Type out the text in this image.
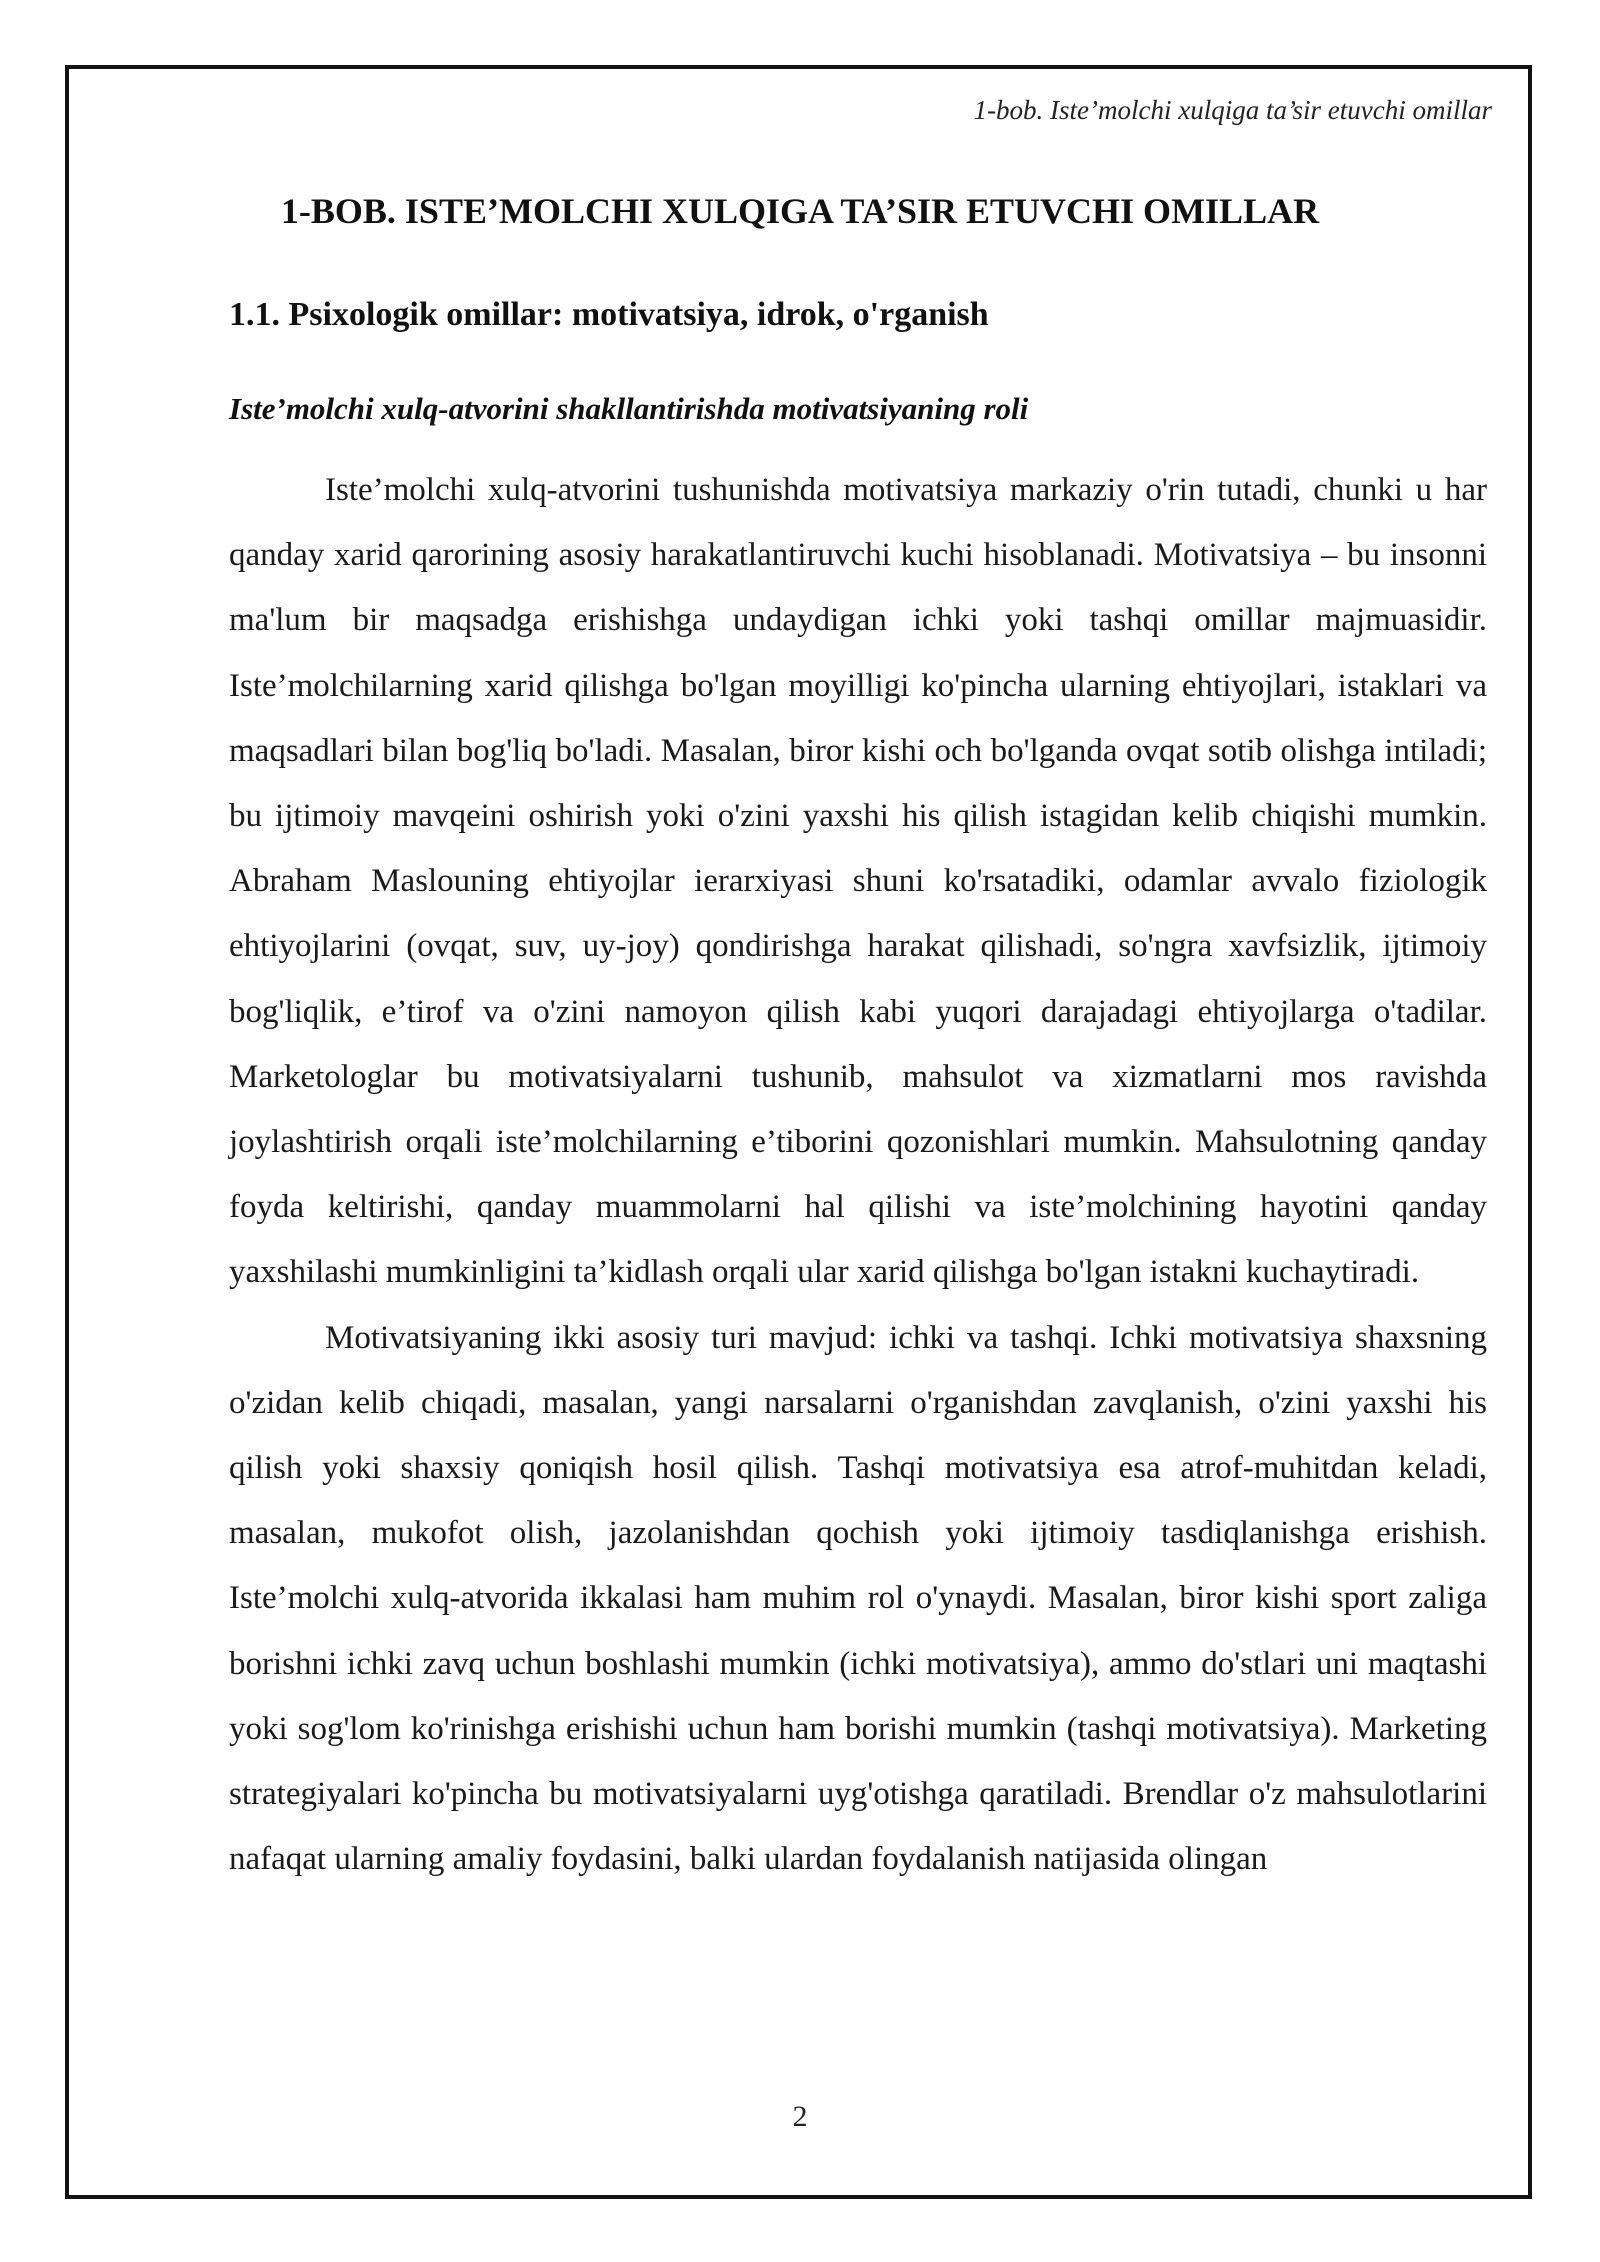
1-bob. Iste’molchi xulqiga ta’sir etuvchi omillar
1-BOB. ISTE’MOLCHI XULQIGA TA’SIR ETUVCHI OMILLAR
1.1. Psixologik omillar: motivatsiya, idrok, o'rganish
Iste’molchi xulq-atvorini shakllantirishda motivatsiyaning roli

Iste’molchi xulq-atvorini tushunishda motivatsiya markaziy o'rin tutadi, chunki u har qanday xarid qarorining asosiy harakatlantiruvchi kuchi hisoblanadi. Motivatsiya – bu insonni ma'lum bir maqsadga erishishga undaydigan ichki yoki tashqi omillar majmuasidir. Iste’molchilarning xarid qilishga bo'lgan moyilligi ko'pincha ularning ehtiyojlari, istaklari va maqsadlari bilan bog'liq bo'ladi. Masalan, biror kishi och bo'lganda ovqat sotib olishga intiladi; bu ijtimoiy mavqeini oshirish yoki o'zini yaxshi his qilish istagidan kelib chiqishi mumkin. Abraham Maslouning ehtiyojlar ierarxiyasi shuni ko'rsatadiki, odamlar avvalo fiziologik ehtiyojlarini (ovqat, suv, uy-joy) qondirishga harakat qilishadi, so'ngra xavfsizlik, ijtimoiy bog'liqlik, e’tirof va o'zini namoyon qilish kabi yuqori darajadagi ehtiyojlarga o'tadilar. Marketologlar bu motivatsiyalarni tushunib, mahsulot va xizmatlarni mos ravishda joylashtirish orqali iste’molchilarning e’tiborini qozonishlari mumkin. Mahsulotning qanday foyda keltirishi, qanday muammolarni hal qilishi va iste’molchining hayotini qanday yaxshilashi mumkinligini ta’kidlash orqali ular xarid qilishga bo'lgan istakni kuchaytiradi.

Motivatsiyaning ikki asosiy turi mavjud: ichki va tashqi. Ichki motivatsiya shaxsning o'zidan kelib chiqadi, masalan, yangi narsalarni o'rganishdan zavqlanish, o'zini yaxshi his qilish yoki shaxsiy qoniqish hosil qilish. Tashqi motivatsiya esa atrof-muhitdan keladi, masalan, mukofot olish, jazolanishdan qochish yoki ijtimoiy tasdiqlanishga erishish. Iste’molchi xulq-atvorida ikkalasi ham muhim rol o'ynaydi. Masalan, biror kishi sport zaliga borishni ichki zavq uchun boshlashi mumkin (ichki motivatsiya), ammo do'stlari uni maqtashi yoki sog'lom ko'rinishga erishishi uchun ham borishi mumkin (tashqi motivatsiya). Marketing strategiyalari ko'pincha bu motivatsiyalarni uyg'otishga qaratiladi. Brendlar o'z mahsulotlarini nafaqat ularning amaliy foydasini, balki ulardan foydalanish natijasida olingan

2
